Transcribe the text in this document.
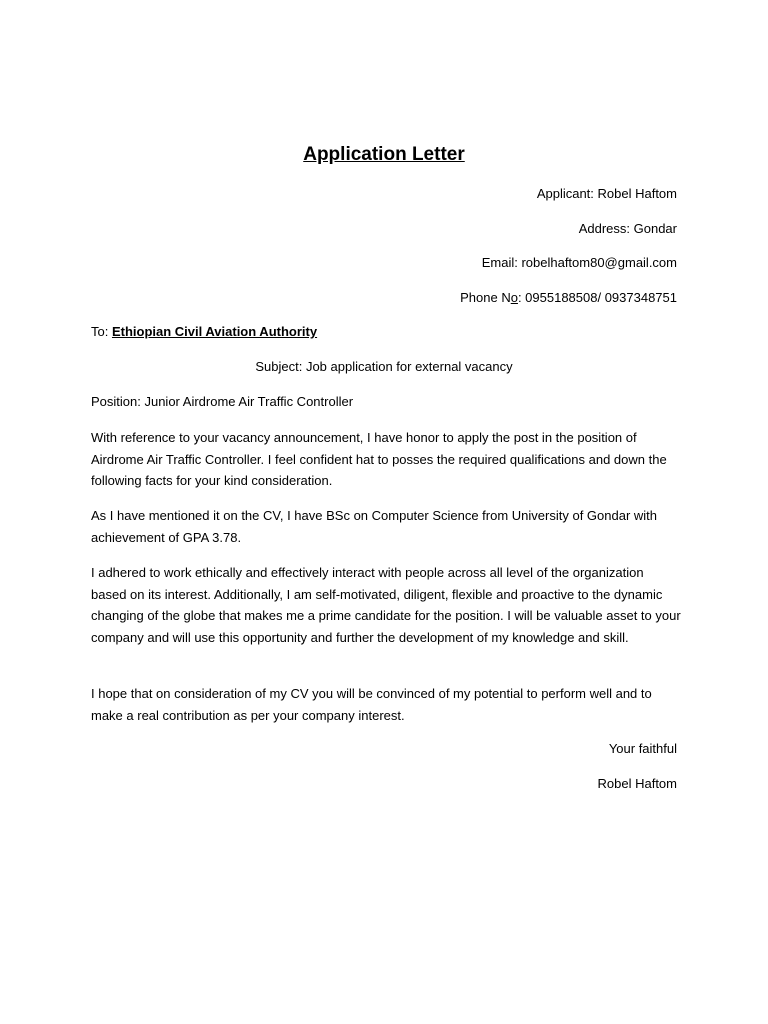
Application Letter
Applicant: Robel Haftom
Address: Gondar
Email: robelhaftom80@gmail.com
Phone No: 0955188508/ 0937348751
To: Ethiopian Civil Aviation Authority
Subject: Job application for external vacancy
Position: Junior Airdrome Air Traffic Controller

With reference to your vacancy announcement, I have honor to apply the post in the position of Airdrome Air Traffic Controller. I feel confident hat to posses the required qualifications and down the following facts for your kind consideration.

As I have mentioned it on the CV, I have BSc on Computer Science from University of Gondar with achievement of GPA 3.78.

I adhered to work ethically and effectively interact with people across all level of the organization based on its interest. Additionally, I am self-motivated, diligent, flexible and proactive to the dynamic changing of the globe that makes me a prime candidate for the position. I will be valuable asset to your company and will use this opportunity and further the development of my knowledge and skill.

I hope that on consideration of my CV you will be convinced of my potential to perform well and to make a real contribution as per your company interest.

Your faithful
Robel Haftom
